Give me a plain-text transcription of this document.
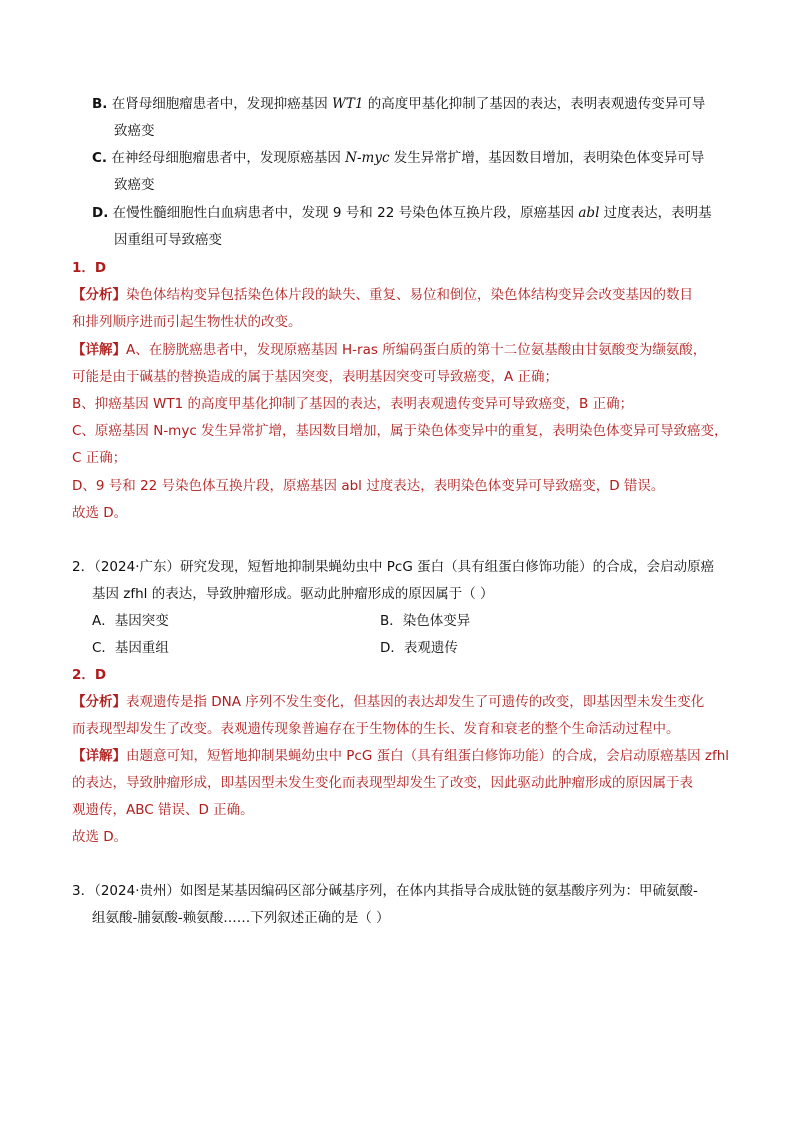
B. 在肾母细胞瘤患者中，发现抑癌基因 WT1 的高度甲基化抑制了基因的表达，表明表观遗传变异可导
致癌变
C. 在神经母细胞瘤患者中，发现原癌基因 N-myc 发生异常扩增，基因数目增加，表明染色体变异可导
致癌变
D. 在慢性髓细胞性白血病患者中，发现 9 号和 22 号染色体互换片段，原癌基因 abl 过度表达，表明基
因重组可导致癌变
1．D
【分析】染色体结构变异包括染色体片段的缺失、重复、易位和倒位，染色体结构变异会改变基因的数目
和排列顺序进而引起生物性状的改变。
【详解】A、在膀胱癌患者中，发现原癌基因 H-ras 所编码蛋白质的第十二位氨基酸由甘氨酸变为缬氨酸，
可能是由于碱基的替换造成的属于基因突变，表明基因突变可导致癌变，A 正确；
B、抑癌基因 WT1 的高度甲基化抑制了基因的表达，表明表观遗传变异可导致癌变，B 正确；
C、原癌基因 N-myc 发生异常扩增，基因数目增加，属于染色体变异中的重复，表明染色体变异可导致癌变，
C 正确；
D、9 号和 22 号染色体互换片段，原癌基因 abl 过度表达，表明染色体变异可导致癌变，D 错误。
故选 D。
2．（2024·广东）研究发现，短暂地抑制果蝇幼虫中 PcG 蛋白（具有组蛋白修饰功能）的合成，会启动原癌
基因 zfhl 的表达，导致肿瘤形成。驱动此肿瘤形成的原因属于（ ）
A．基因突变	B．染色体变异
C．基因重组	D．表观遗传
2．D
【分析】表观遗传是指 DNA 序列不发生变化，但基因的表达却发生了可遗传的改变，即基因型未发生变化
而表现型却发生了改变。表观遗传现象普遍存在于生物体的生长、发育和衰老的整个生命活动过程中。
【详解】由题意可知，短暂地抑制果蝇幼虫中 PcG 蛋白（具有组蛋白修饰功能）的合成，会启动原癌基因 zfhl
的表达，导致肿瘤形成，即基因型未发生变化而表现型却发生了改变，因此驱动此肿瘤形成的原因属于表
观遗传，ABC 错误、D 正确。
故选 D。
3．（2024·贵州）如图是某基因编码区部分碱基序列，在体内其指导合成肽链的氨基酸序列为：甲硫氨酸-
组氨酸-脯氨酸-赖氨酸……下列叙述正确的是（ ）
